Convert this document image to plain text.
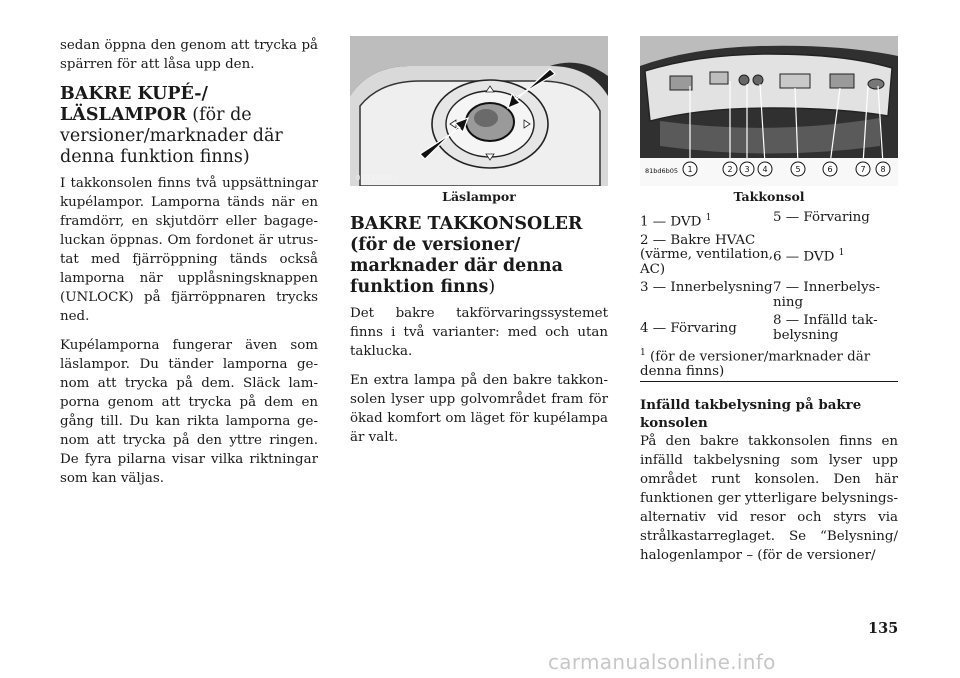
sedan öppna den genom att trycka på spärren för att låsa upp den.

BAKRE KUPÉ-/ LÄSLAMPOR (för de versioner/marknader där denna funktion finns)

I takkonsolen finns två uppsättningar kupélampor. Lamporna tänds när en framdörr, en skjutdörr eller bagageluckan öppnas. Om fordonet är utrustat med fjärröppning tänds också lamporna när upplåsningsknappen (UNLOCK) på fjärröppnaren trycks ned.

Kupélamporna fungerar även som läslampor. Du tänder lamporna genom att trycka på dem. Släck lamporna genom att trycka på dem en gång till. Du kan rikta lamporna genom att trycka på den yttre ringen. De fyra pilarna visar vilka riktningar som kan väljas.

033336482
Läslampor
BAKRE TAKKONSOLER (för de versioner/ marknader där denna funktion finns)

Det bakre takförvaringssystemet finns i två varianter: med och utan taklucka.

En extra lampa på den bakre takkonsolen lyser upp golvområdet fram för ökad komfort om läget för kupélampa är valt.

1	2 3 4	5	6	7 8
81bd6b05
Takkonsol
1 — DVD $^1$	5 — Förvaring
2 — Bakre HVAC (värme, ventilation, AC)	6 — DVD $^1$
3 — Innerbelysning	7 — Innerbelysning
4 — Förvaring	8 — Infälld takbelysning
$^1$ (för de versioner/marknader där denna finns)
Infälld takbelysning på bakre konsolen

På den bakre takkonsolen finns en infälld takbelysning som lyser upp området runt konsolen. Den här funktionen ger ytterligare belysningsalternativ vid resor och styrs via strålkastarreglaget. Se “Belysning/ halogenlampor – (för de versioner/

135
carmanualsonline.info
